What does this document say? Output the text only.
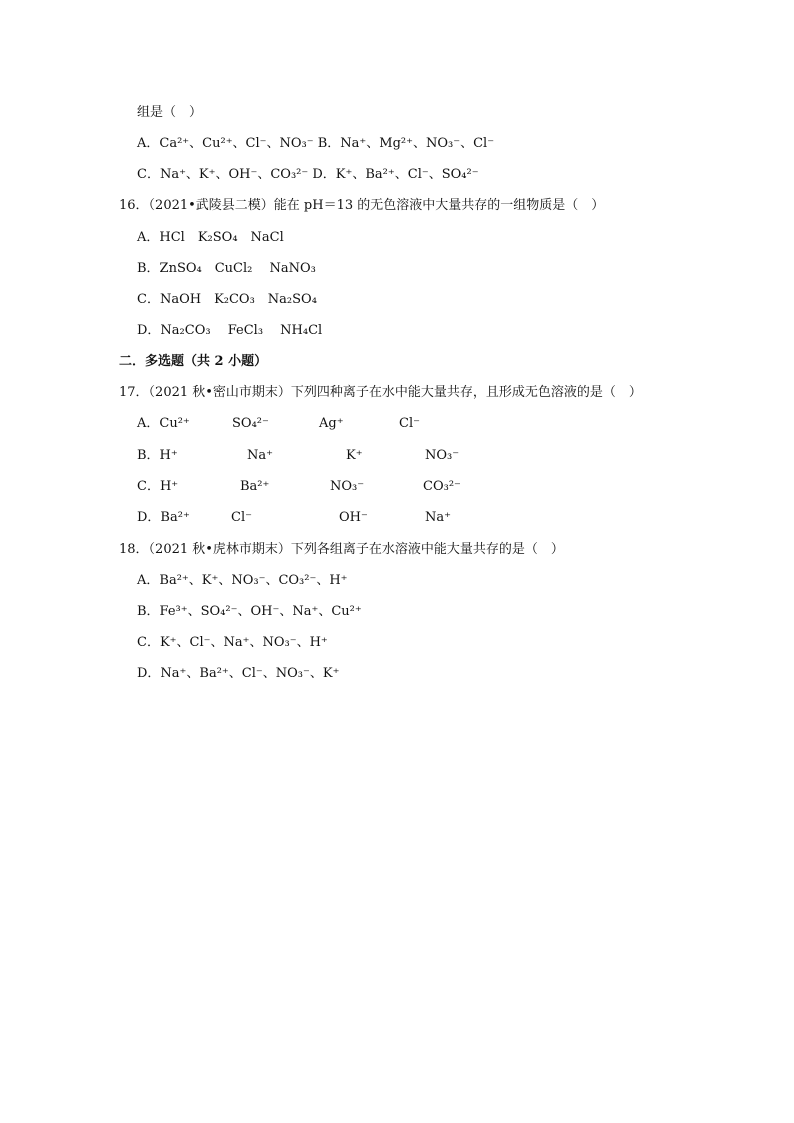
组是（　）
A．Ca²⁺、Cu²⁺、Cl⁻、NO₃⁻ B．Na⁺、Mg²⁺、NO₃⁻、Cl⁻
C．Na⁺、K⁺、OH⁻、CO₃²⁻ D．K⁺、Ba²⁺、Cl⁻、SO₄²⁻
16．（2021•武陵县二模）能在 pH＝13 的无色溶液中大量共存的一组物质是（　）
A．HCl　K₂SO₄　NaCl
B．ZnSO₄　CuCl₂　 NaNO₃
C．NaOH　K₂CO₃　Na₂SO₄
D．Na₂CO₃　 FeCl₃　 NH₄Cl
二．多选题（共 2 小题）
17．（2021 秋•密山市期末）下列四种离子在水中能大量共存，且形成无色溶液的是（　）
A．Cu²⁺	SO₄²⁻	Ag⁺	Cl⁻
B．H⁺	Na⁺	K⁺	NO₃⁻
C．H⁺	Ba²⁺	NO₃⁻	CO₃²⁻
D．Ba²⁺	Cl⁻	OH⁻	Na⁺
18．（2021 秋•虎林市期末）下列各组离子在水溶液中能大量共存的是（　）
A．Ba²⁺、K⁺、NO₃⁻、CO₃²⁻、H⁺
B．Fe³⁺、SO₄²⁻、OH⁻、Na⁺、Cu²⁺
C．K⁺、Cl⁻、Na⁺、NO₃⁻、H⁺
D．Na⁺、Ba²⁺、Cl⁻、NO₃⁻、K⁺
